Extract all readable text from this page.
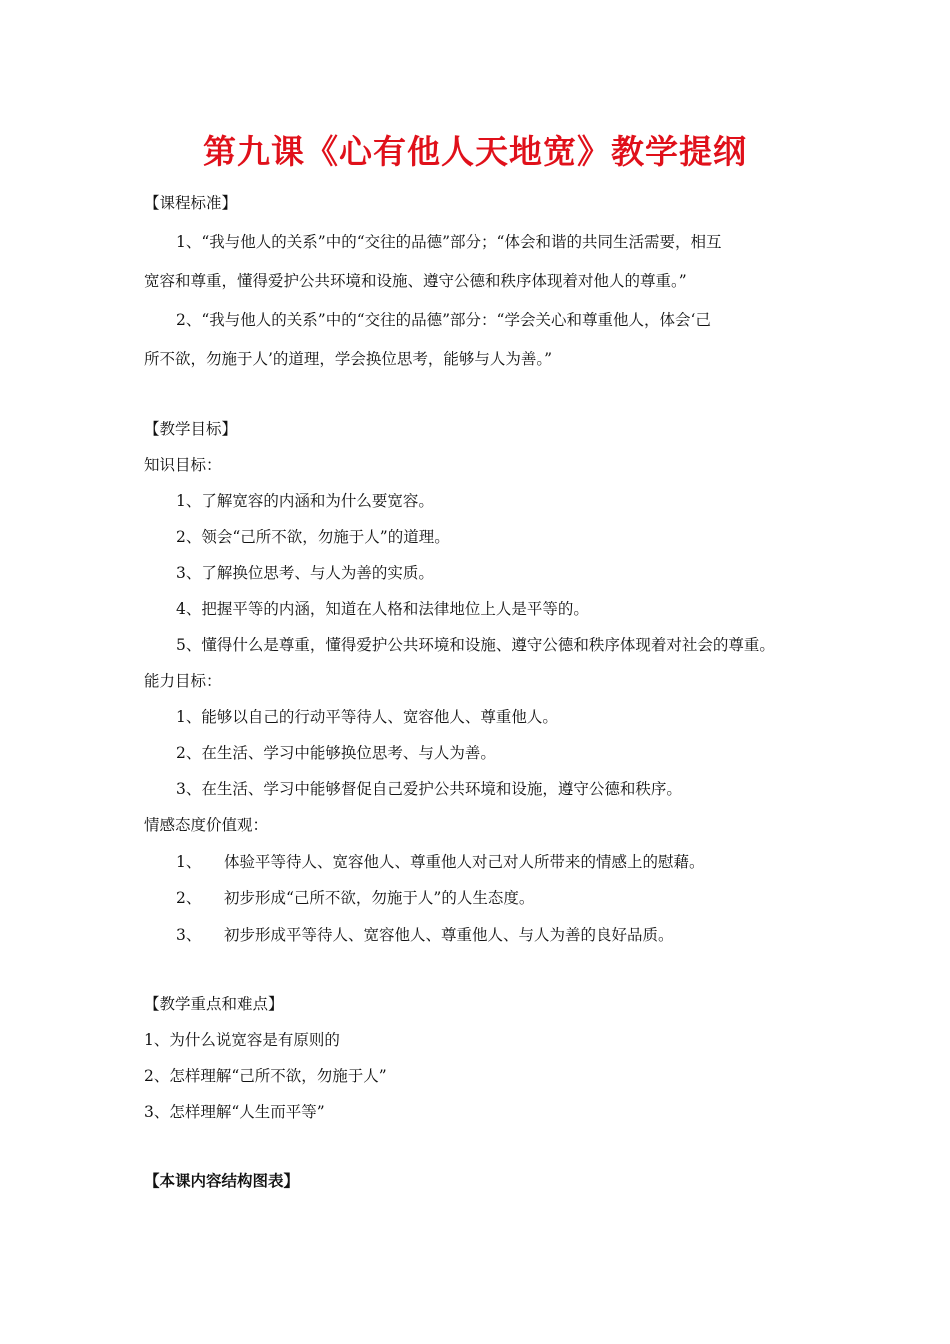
第九课《心有他人天地宽》教学提纲
【课程标准】
1、“我与他人的关系”中的“交往的品德”部分；“体会和谐的共同生活需要，相互
宽容和尊重，懂得爱护公共环境和设施、遵守公德和秩序体现着对他人的尊重。”
2、“我与他人的关系”中的“交往的品德”部分：“学会关心和尊重他人，体会‘己
所不欲，勿施于人’的道理，学会换位思考，能够与人为善。”
【教学目标】
知识目标：
1、了解宽容的内涵和为什么要宽容。
2、领会“己所不欲，勿施于人”的道理。
3、了解换位思考、与人为善的实质。
4、把握平等的内涵，知道在人格和法律地位上人是平等的。
5、懂得什么是尊重，懂得爱护公共环境和设施、遵守公德和秩序体现着对社会的尊重。
能力目标：
1、能够以自己的行动平等待人、宽容他人、尊重他人。
2、在生活、学习中能够换位思考、与人为善。
3、在生活、学习中能够督促自己爱护公共环境和设施，遵守公德和秩序。
情感态度价值观：
1、 体验平等待人、宽容他人、尊重他人对己对人所带来的情感上的慰藉。
2、 初步形成“己所不欲，勿施于人”的人生态度。
3、 初步形成平等待人、宽容他人、尊重他人、与人为善的良好品质。
【教学重点和难点】
1、为什么说宽容是有原则的
2、怎样理解“己所不欲，勿施于人”
3、怎样理解“人生而平等”
【本课内容结构图表】
